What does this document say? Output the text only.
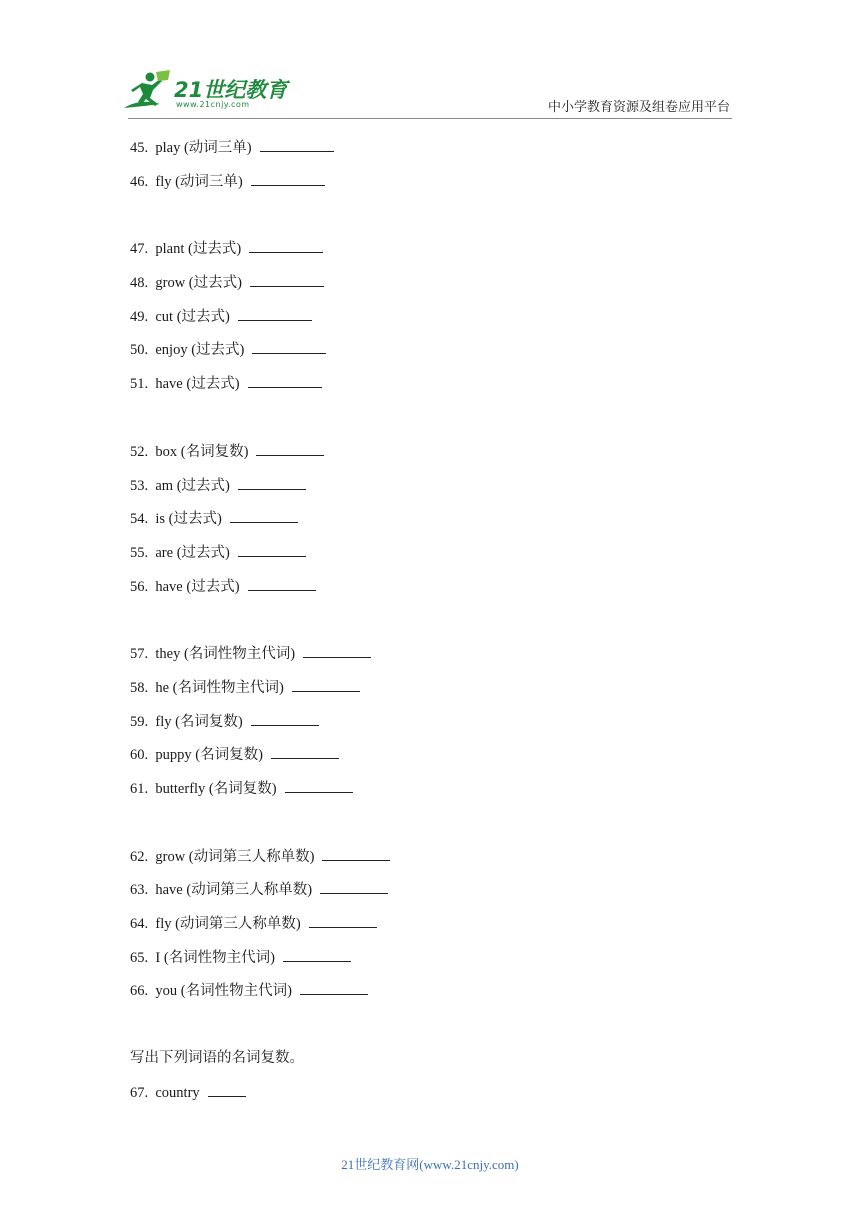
21世纪教育
www.21cnjy.com	中小学教育资源及组卷应用平台
45. play (动词三单)
46. fly (动词三单)
47. plant (过去式)
48. grow (过去式)
49. cut (过去式)
50. enjoy (过去式)
51. have (过去式)
52. box (名词复数)
53. am (过去式)
54. is (过去式)
55. are (过去式)
56. have (过去式)
57. they (名词性物主代词)
58. he (名词性物主代词)
59. fly (名词复数)
60. puppy (名词复数)
61. butterfly (名词复数)
62. grow (动词第三人称单数)
63. have (动词第三人称单数)
64. fly (动词第三人称单数)
65. I (名词性物主代词)
66. you (名词性物主代词)
写出下列词语的名词复数。
67. country
21世纪教育网(www.21cnjy.com)
